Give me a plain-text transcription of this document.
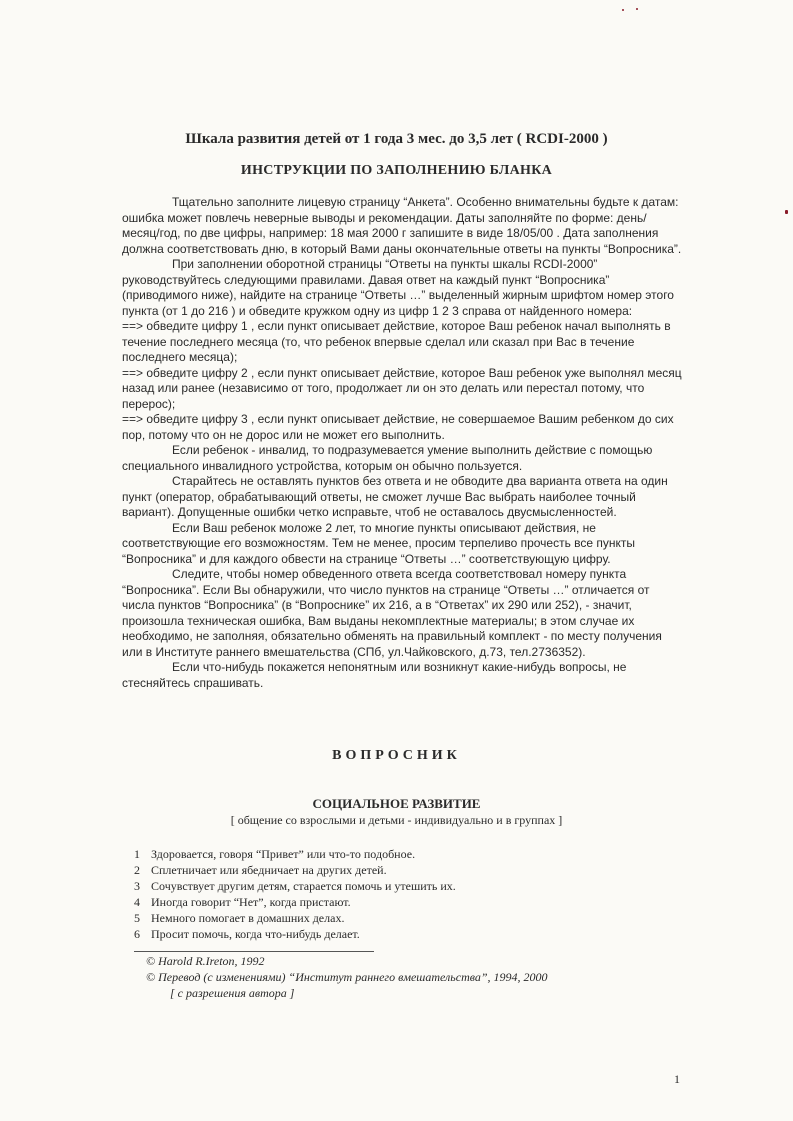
Шкала развития детей от 1 года 3 мес. до 3,5 лет ( RCDI-2000 )
ИНСТРУКЦИИ ПО ЗАПОЛНЕНИЮ БЛАНКА

Тщательно заполните лицевую страницу “Анкета”. Особенно внимательны будьте к датам: ошибка может повлечь неверные выводы и рекомендации. Даты заполняйте по форме: день/месяц/год, по две цифры, например: 18 мая 2000 г запишите в виде 18/05/00 . Дата заполнения должна соответствовать дню, в который Вами даны окончательные ответы на пункты “Вопросника”.

При заполнении оборотной страницы “Ответы на пункты шкалы RCDI-2000” руководствуйтесь следующими правилами. Давая ответ на каждый пункт “Вопросника” (приводимого ниже), найдите на странице “Ответы …” выделенный жирным шрифтом номер этого пункта (от 1 до 216 ) и обведите кружком одну из цифр 1 2 3 справа от найденного номера:

==> обведите цифру 1 , если пункт описывает действие, которое Ваш ребенок начал выполнять в течение последнего месяца (то, что ребенок впервые сделал или сказал при Вас в течение последнего месяца);

==> обведите цифру 2 , если пункт описывает действие, которое Ваш ребенок уже выполнял месяц назад или ранее (независимо от того, продолжает ли он это делать или перестал потому, что перерос);

==> обведите цифру 3 , если пункт описывает действие, не совершаемое Вашим ребенком до сих пор, потому что он не дорос или не может его выполнить.

Если ребенок - инвалид, то подразумевается умение выполнить действие с помощью специального инвалидного устройства, которым он обычно пользуется.

Старайтесь не оставлять пунктов без ответа и не обводите два варианта ответа на один пункт (оператор, обрабатывающий ответы, не сможет лучше Вас выбрать наиболее точный вариант). Допущенные ошибки четко исправьте, чтоб не оставалось двусмысленностей.

Если Ваш ребенок моложе 2 лет, то многие пункты описывают действия, не соответствующие его возможностям. Тем не менее, просим терпеливо прочесть все пункты “Вопросника” и для каждого обвести на странице “Ответы …” соответствующую цифру.

Следите, чтобы номер обведенного ответа всегда соответствовал номеру пункта “Вопросника”. Если Вы обнаружили, что число пунктов на странице “Ответы …” отличается от числа пунктов “Вопросника” (в “Вопроснике” их 216, а в “Ответах” их 290 или 252), - значит, произошла техническая ошибка, Вам выданы некомплектные материалы; в этом случае их необходимо, не заполняя, обязательно обменять на правильный комплект - по месту получения или в Институте раннего вмешательства (СПб, ул.Чайковского, д.73, тел.2736352).

Если что-нибудь покажется непонятным или возникнут какие-нибудь вопросы, не стесняйтесь спрашивать.

ВОПРОСНИК
СОЦИАЛЬНОЕ РАЗВИТИЕ
[ общение со взрослыми и детьми - индивидуально и в группах ]
1 Здоровается, говоря “Привет” или что-то подобное.
2 Сплетничает или ябедничает на других детей.
3 Сочувствует другим детям, старается помочь и утешить их.
4 Иногда говорит “Нет”, когда пристают.
5 Немного помогает в домашних делах.
6 Просит помочь, когда что-нибудь делает.
© Harold R.Ireton, 1992
© Перевод (с изменениями) “Институт раннего вмешательства”, 1994, 2000
[ с разрешения автора ]
1
